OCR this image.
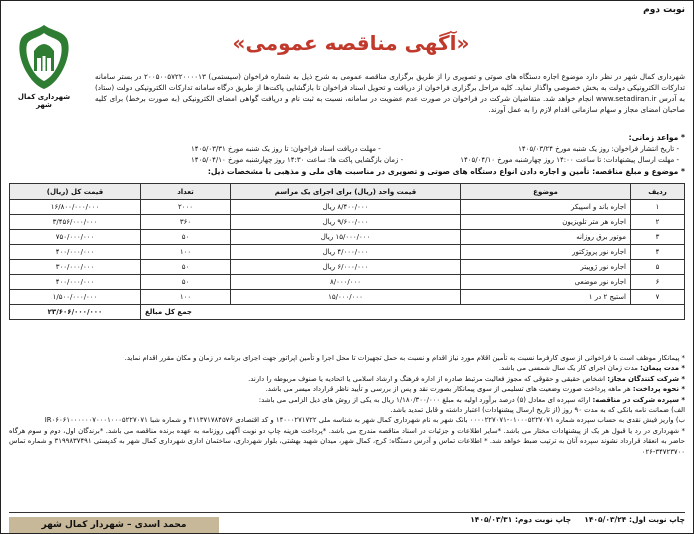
نوبت دوم
«آگهی مناقصه عمومی»
شهرداری کمال شهر
شهرداری کمال شهر در نظر دارد موضوع اجاره دستگاه های صوتی و تصویری را از طریق برگزاری مناقصه عمومی به شرح ذیل به شماره فراخوان (سیستمی) ۲۰۰۵۰۰۵۷۲۲۰۰۰۰۱۳ در بستر سامانه تدارکات الکترونیکی دولت به بخش خصوصی واگذار نماید. کلیه مراحل برگزاری فراخوان از دریافت و تحویل اسناد فراخوان تا بازگشایی پاکت‌ها از طریق درگاه سامانه تدارکات الکترونیکی دولت (ستاد) به آدرس www.setadiran.ir انجام خواهد شد. متقاضیان شرکت در فراخوان در صورت عدم عضویت در سامانه، نسبت به ثبت نام و دریافت گواهی امضای الکترونیکی (به صورت برخط) برای کلیه صاحبان امضای مجاز و سهام سازمانی اقدام لازم را به عمل آورند.
* مواعد زمانی:
- تاریخ انتشار فراخوان: روز یک شنبه مورخ ۱۴۰۵/۰۳/۲۴
- مهلت دریافت اسناد فراخوان: تا روز یک شنبه مورخ ۱۴۰۵/۰۳/۳۱
- مهلت ارسال پیشنهادات: تا ساعت ۱۴:۰۰ روز چهارشنبه مورخ ۱۴۰۵/۰۴/۱۰
- زمان بازگشایی پاکت ها: ساعت ۱۴:۳۰ روز چهارشنبه مورخ ۱۴۰۵/۰۴/۱۰
* موضوع و مبلغ مناقصه: تأمین و اجاره دادن انواع دستگاه های صوتی و تصویری در مناسبت های ملی و مذهبی با مشخصات ذیل:
ردیف	موضوع	قیمت واحد (ریال) برای اجرای یک مراسم	تعداد	قیمت کل (ریال)
۱	اجاره باند و اسپیکر	۸/۴۰۰/۰۰۰ ریال	۲۰۰۰	۱۶/۸۰۰/۰۰۰/۰۰۰
۲	اجاره هر متر تلویزیون	۹/۶۰۰/۰۰۰ ریال	۳۶۰	۳/۴۵۶/۰۰۰/۰۰۰
۳	موتور برق روزانه	۱۵/۰۰۰/۰۰۰ ریال	۵۰	۷۵۰/۰۰۰/۰۰۰
۴	اجاره نور پروژکتور	۴/۰۰۰/۰۰۰ ریال	۱۰۰	۴۰۰/۰۰۰/۰۰۰
۵	اجاره نور ژوپیتر	۶/۰۰۰/۰۰۰ ریال	۵۰	۳۰۰/۰۰۰/۰۰۰
۶	اجاره نور موضعی	۸/۰۰۰/۰۰۰	۵۰	۴۰۰/۰۰۰/۰۰۰
۷	استیج ۲ در ۱	۱۵/۰۰۰/۰۰۰	۱۰۰	۱/۵۰۰/۰۰۰/۰۰۰
جمع کل مبالغ				۲۳/۶۰۶/۰۰۰/۰۰۰

* پیمانکار موظف است با فراخوانی از سوی کارفرما نسبت به تأمین اقلام مورد نیاز اقدام و نسبت به حمل تجهیزات تا محل اجرا و تأمین اپراتور جهت اجرای برنامه در زمان و مکان مقرر اقدام نماید.

* مدت پیمان: مدت زمان اجرای کار یک سال شمسی می باشد.

* شرکت کنندگان مجاز: اشخاص حقیقی و حقوقی که مجوز فعالیت مرتبط صادره از اداره فرهنگ و ارشاد اسلامی یا اتحادیه یا صنوف مربوطه را دارند.

* نحوه پرداخت: هر ماهه پرداخت صورت وضعیت های تسلیمی از سوی پیمانکار بصورت نقد و پس از بررسی و تأیید ناظر قرارداد میسر می باشد.

* سپرده شرکت در مناقصه: ارائه سپرده ای معادل (۵) درصد برآورد اولیه به مبلغ ۱/۱۸۰/۳۰۰/۰۰۰ ریال به یکی از روش های ذیل الزامی می باشد:

الف) ضمانت نامه بانکی که به مدت ۹۰ روز (از تاریخ ارسال پیشنهادات) اعتبار داشته و قابل تمدید باشد.

ب) واریز فیش نقدی به حساب سپرده شماره ۰۱۰۰۰۵۲۲۷۰۷۱-۰۰۰۰۲۲۷۰۷۱ بانک شهر به نام شهرداری کمال شهر به شناسه ملی ۱۴۰۰۰۲۷۱۷۲۲ و کد اقتصادی ۴۱۱۳۷۱۷۸۴۵۷۶ و شماره شبا IR۰۶۰۶۱۰۰۰۰۰۰۷۰۰۰۱۰۰۰۵۲۲۷۰۷۱

* شهرداری در رد یا قبول هر یک از پیشنهادات مختار می باشد. *سایر اطلاعات و جزئیات در اسناد مناقصه مندرج می باشد. *پرداخت هزینه چاپ دو نوبت آگهی روزنامه به عهده برنده مناقصه می باشد. *برندگان اول، دوم و سوم هرگاه حاضر به انعقاد قرارداد نشوند سپرده آنان به ترتیب ضبط خواهد شد. * اطلاعات تماس و آدرس دستگاه: کرج، کمال شهر، میدان شهید بهشتی، بلوار شهرداری، ساختمان اداری شهرداری کمال شهر به کدپستی ۳۱۹۹۸۳۷۴۹۱ و شماره تماس ۳۴۷۲۳۷۰۰-۰۲۶

چاپ نوبت اول: ۱۴۰۵/۰۳/۲۴     چاپ نوبت دوم: ۱۴۰۵/۰۳/۳۱
محمد اسدی – شهردار کمال شهر
